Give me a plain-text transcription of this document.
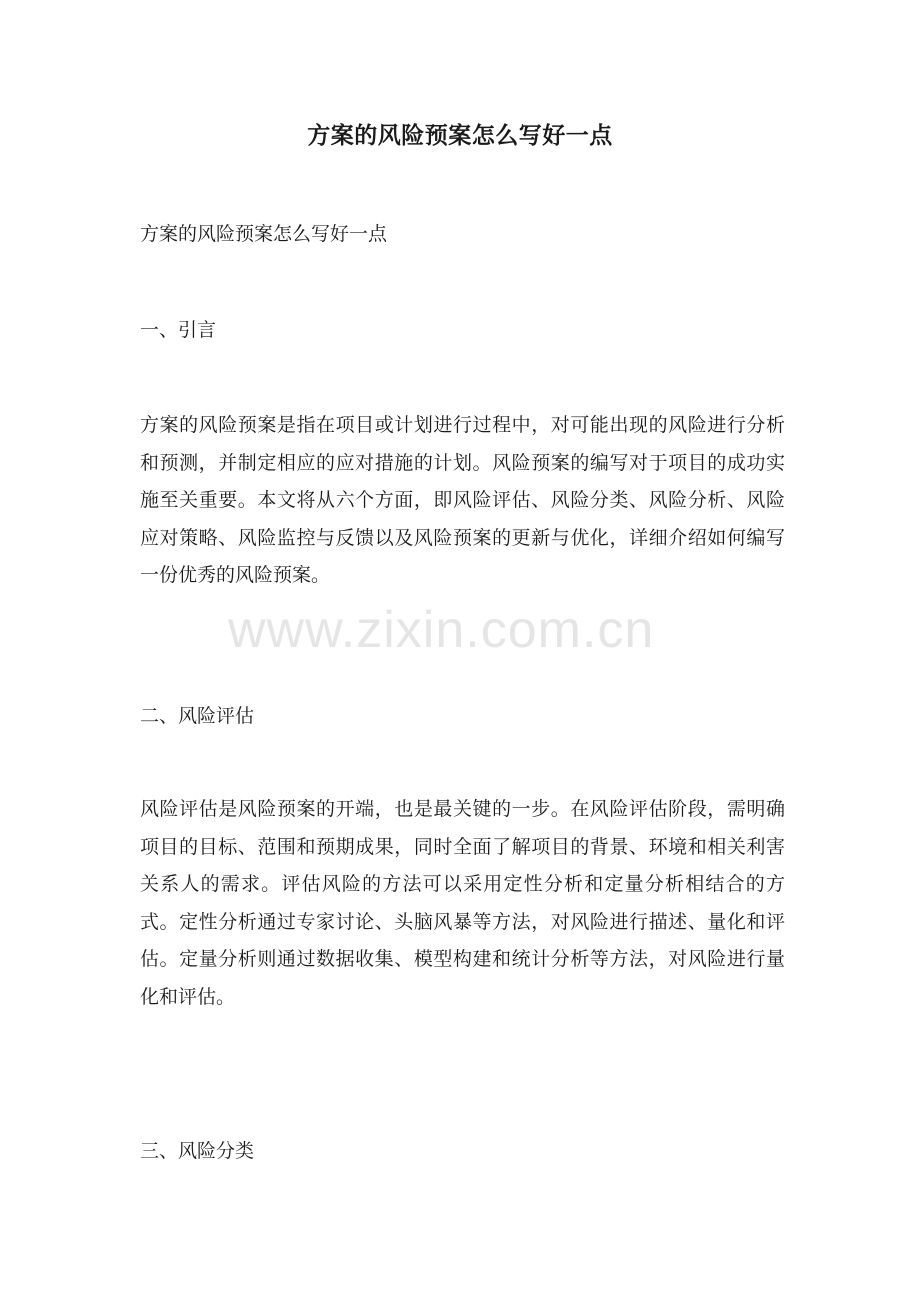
方案的风险预案怎么写好一点
方案的风险预案怎么写好一点
一、引言
方案的风险预案是指在项目或计划进行过程中，对可能出现的风险进行分析和预测，并制定相应的应对措施的计划。风险预案的编写对于项目的成功实施至关重要。本文将从六个方面，即风险评估、风险分类、风险分析、风险应对策略、风险监控与反馈以及风险预案的更新与优化，详细介绍如何编写一份优秀的风险预案。
二、风险评估
风险评估是风险预案的开端，也是最关键的一步。在风险评估阶段，需明确项目的目标、范围和预期成果，同时全面了解项目的背景、环境和相关利害关系人的需求。评估风险的方法可以采用定性分析和定量分析相结合的方式。定性分析通过专家讨论、头脑风暴等方法，对风险进行描述、量化和评估。定量分析则通过数据收集、模型构建和统计分析等方法，对风险进行量化和评估。
三、风险分类
www.zixin.com.cn
